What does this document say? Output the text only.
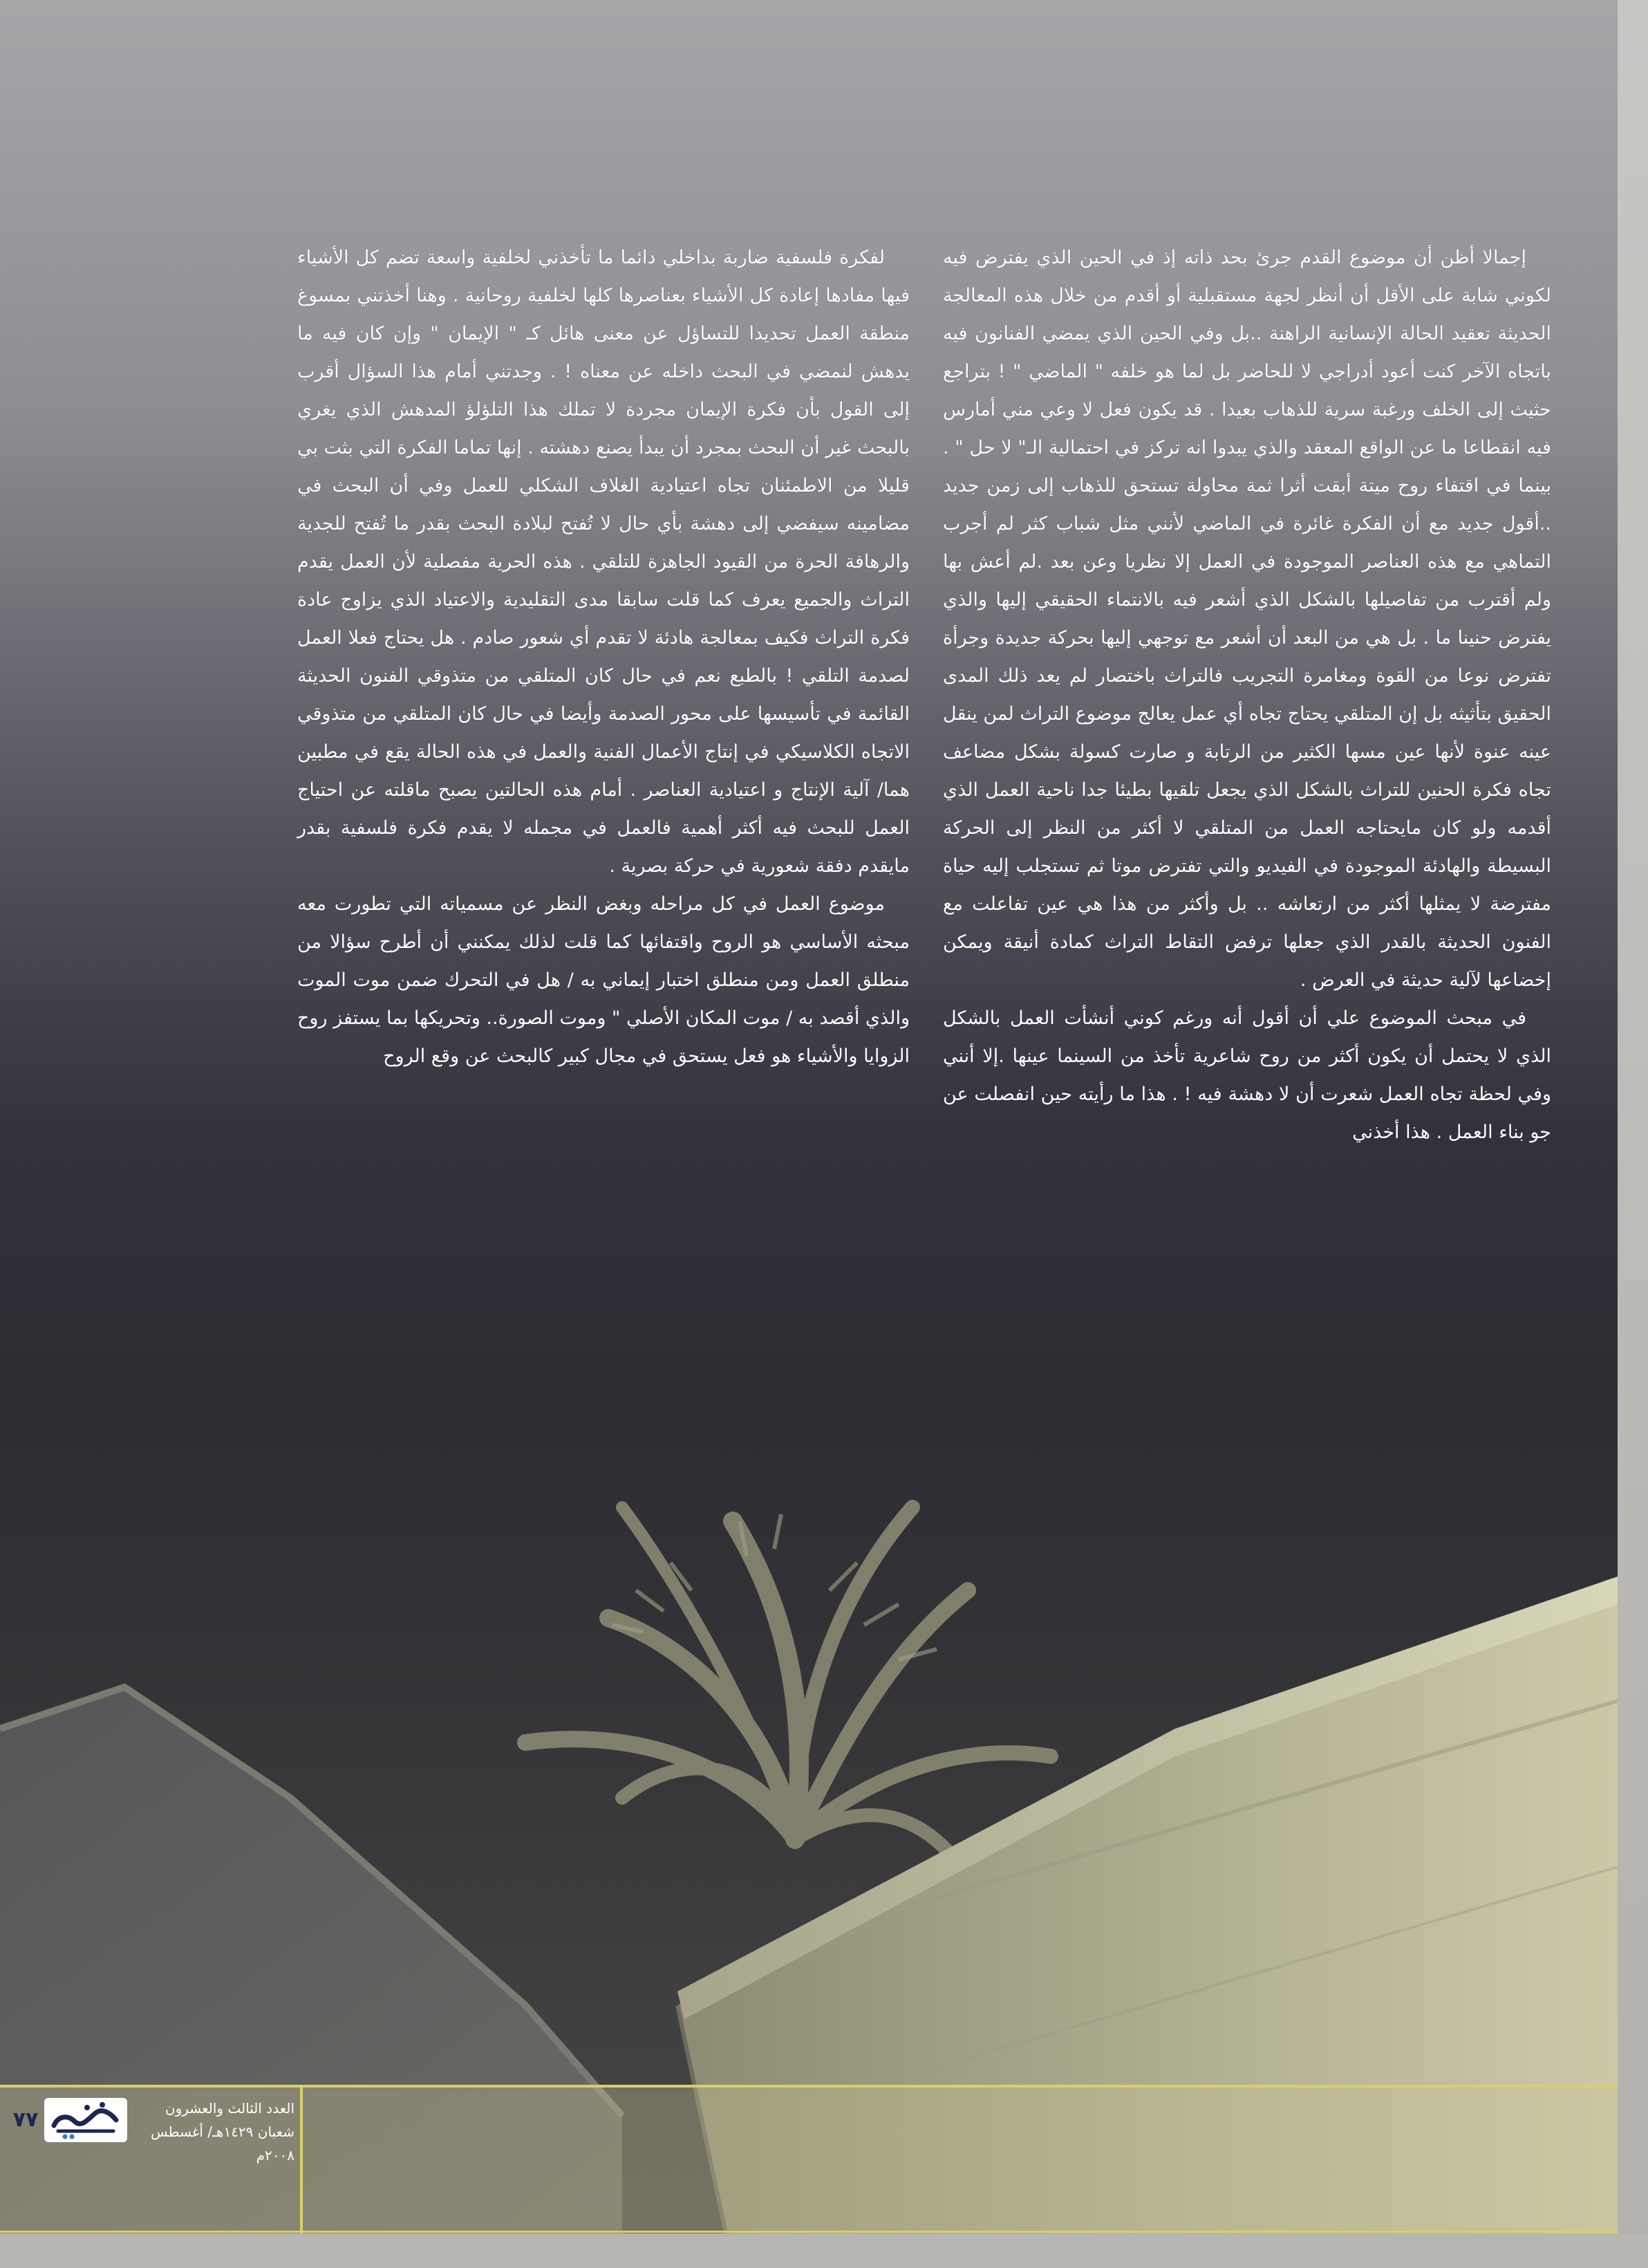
إجمالا أظن أن موضوع القدم جرئ بحد ذاته إذ في الحين الذي يفترض فيه لكوني شابة على الأقل أن أنظر لجهة مستقبلية أو أقدم من خلال هذه المعالجة الحديثة تعقيد الحالة الإنسانية الراهنة ..بل وفي الحين الذي يمضي الفنانون فيه باتجاه الآخر كنت أعود أدراجي لا للحاضر بل لما هو خلفه " الماضي " ! بتراجع حثيث إلى الخلف ورغبة سرية للذهاب بعيدا . قد يكون فعل لا وعي مني أمارس فيه انقطاعا ما عن الواقع المعقد والذي يبدوا انه تركز في احتمالية الـ" لا حل " . بينما في اقتفاء روح ميتة أبقت أثرا ثمة محاولة تستحق للذهاب إلى زمن جديد ..أقول جديد مع أن الفكرة غائرة في الماضي لأنني مثل شباب كثر لم أجرب التماهي مع هذه العناصر الموجودة في العمل إلا نظريا وعن بعد .لم أعش بها ولم أقترب من تفاصيلها بالشكل الذي أشعر فيه بالانتماء الحقيقي إليها والذي يفترض حنينا ما . بل هي من البعد أن أشعر مع توجهي إليها بحركة جديدة وجرأة تفترض نوعا من القوة ومغامرة التجريب فالتراث باختصار لم يعد ذلك المدى الحقيق بتأثيثه بل إن المتلقي يحتاج تجاه أي عمل يعالج موضوع التراث لمن ينقل عينه عنوة لأنها عين مسها الكثير من الرتابة و صارت كسولة بشكل مضاعف تجاه فكرة الحنين للتراث بالشكل الذي يجعل تلقيها بطيئا جدا ناحية العمل الذي أقدمه ولو كان مايحتاجه العمل من المتلقي لا أكثر من النظر إلى الحركة البسيطة والهادئة الموجودة في الفيديو والتي تفترض موتا ثم تستجلب إليه حياة مفترضة لا يمثلها أكثر من ارتعاشه .. بل وأكثر من هذا هي عين تفاعلت مع الفنون الحديثة بالقدر الذي جعلها ترفض التقاط التراث كمادة أنيقة ويمكن إخضاعها لآلية حديثة في العرض .

في مبحث الموضوع علي أن أقول أنه ورغم كوني أنشأت العمل بالشكل الذي لا يحتمل أن يكون أكثر من روح شاعرية تأخذ من السينما عينها .إلا أنني وفي لحظة تجاه العمل شعرت أن لا دهشة فيه ! . هذا ما رأيته حين انفصلت عن جو بناء العمل . هذا أخذني

لفكرة فلسفية ضاربة بداخلي دائما ما تأخذني لخلفية واسعة تضم كل الأشياء فيها مفادها إعادة كل الأشياء بعناصرها كلها لخلفية روحانية . وهنا أخذتني بمسوغ منطقة العمل تحديدا للتساؤل عن معنى هائل كـ " الإيمان " وإن كان فيه ما يدهش لنمضي في البحث داخله عن معناه ! . وجدتني أمام هذا السؤال أقرب إلى القول بأن فكرة الإيمان مجردة لا تملك هذا التلؤلؤ المدهش الذي يغري بالبحث غير أن البحث بمجرد أن يبدأ يصنع دهشته . إنها تماما الفكرة التي بثت بي قليلا من الاطمئنان تجاه اعتيادية الغلاف الشكلي للعمل وفي أن البحث في مضامينه سيفضي إلى دهشة بأي حال لا تُفتح لبلادة البحث بقدر ما تُفتح للجدية والرهافة الحرة من القيود الجاهزة للتلقي . هذه الحرية مفصلية لأن العمل يقدم التراث والجميع يعرف كما قلت سابقا مدى التقليدية والاعتياد الذي يزاوج عادة فكرة التراث فكيف بمعالجة هادئة لا تقدم أي شعور صادم . هل يحتاج فعلا العمل لصدمة التلقي ! بالطبع نعم في حال كان المتلقي من متذوقي الفنون الحديثة القائمة في تأسيسها على محور الصدمة وأيضا في حال كان المتلقي من متذوقي الاتجاه الكلاسيكي في إنتاج الأعمال الفنية والعمل في هذه الحالة يقع في مطبين هما/ آلية الإنتاج و اعتيادية العناصر . أمام هذه الحالتين يصبح ماقلته عن احتياج العمل للبحث فيه أكثر أهمية فالعمل في مجمله لا يقدم فكرة فلسفية بقدر مايقدم دفقة شعورية في حركة بصرية .

موضوع العمل في كل مراحله وبغض النظر عن مسمياته التي تطورت معه مبحثه الأساسي هو الروح واقتفائها كما قلت لذلك يمكنني أن أطرح سؤالا من منطلق العمل ومن منطلق اختبار إيماني به / هل في التحرك ضمن موت الموت والذي أقصد به / موت المكان الأصلي " وموت الصورة.. وتحريكها بما يستفز روح الزوايا والأشياء هو فعل يستحق في مجال كبير كالبحث عن وقع الروح

٧٧	العدد الثالث والعشرون
شعبان ١٤٢٩هـ/ أغسطس ٢٠٠٨م
